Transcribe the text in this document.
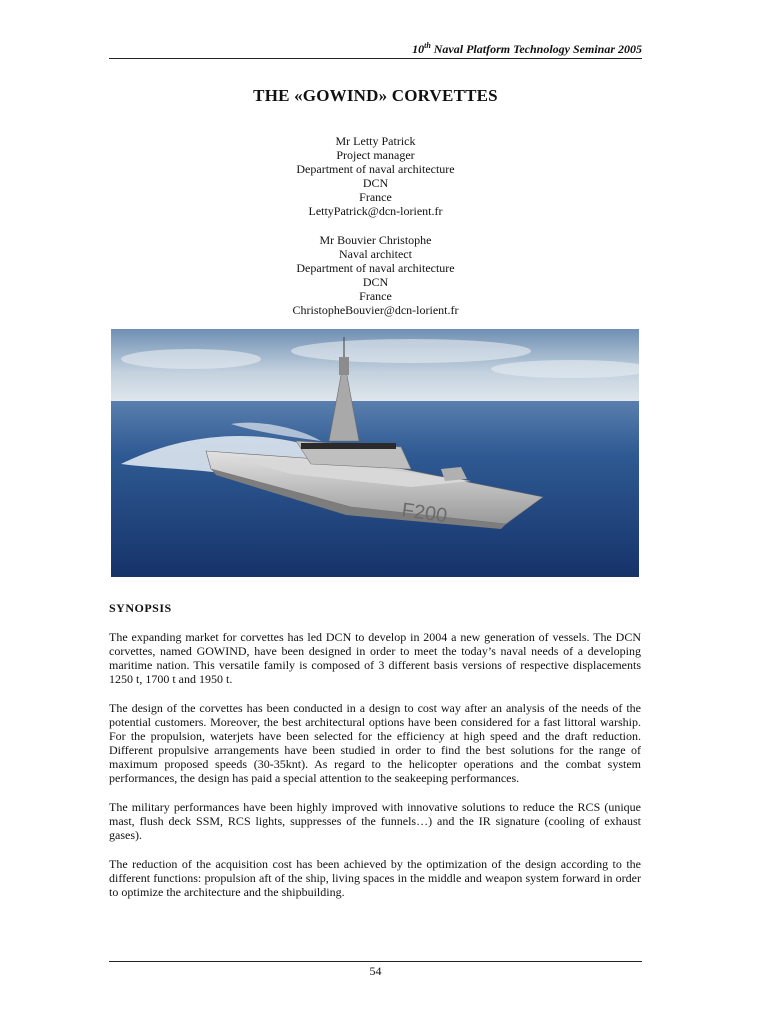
10th Naval Platform Technology Seminar 2005
THE «GOWIND» CORVETTES
Mr Letty Patrick
Project manager
Department of naval architecture
DCN
France
LettyPatrick@dcn-lorient.fr
Mr Bouvier Christophe
Naval architect
Department of naval architecture
DCN
France
ChristopheBouvier@dcn-lorient.fr
F200
SYNOPSIS

The expanding market for corvettes has led DCN to develop in 2004 a new generation of vessels. The DCN corvettes, named GOWIND, have been designed in order to meet the today’s naval needs of a developing maritime nation. This versatile family is composed of 3 different basis versions of respective displacements 1250 t, 1700 t and 1950 t.

The design of the corvettes has been conducted in a design to cost way after an analysis of the needs of the potential customers. Moreover, the best architectural options have been considered for a fast littoral warship. For the propulsion, waterjets have been selected for the efficiency at high speed and the draft reduction. Different propulsive arrangements have been studied in order to find the best solutions for the range of maximum proposed speeds (30-35knt). As regard to the helicopter operations and the combat system performances, the design has paid a special attention to the seakeeping performances.

The military performances have been highly improved with innovative solutions to reduce the RCS (unique mast, flush deck SSM, RCS lights, suppresses of the funnels…) and the IR signature (cooling of exhaust gases).

The reduction of the acquisition cost has been achieved by the optimization of the design according to the different functions: propulsion aft of the ship, living spaces in the middle and weapon system forward in order to optimize the architecture and the shipbuilding.

54
